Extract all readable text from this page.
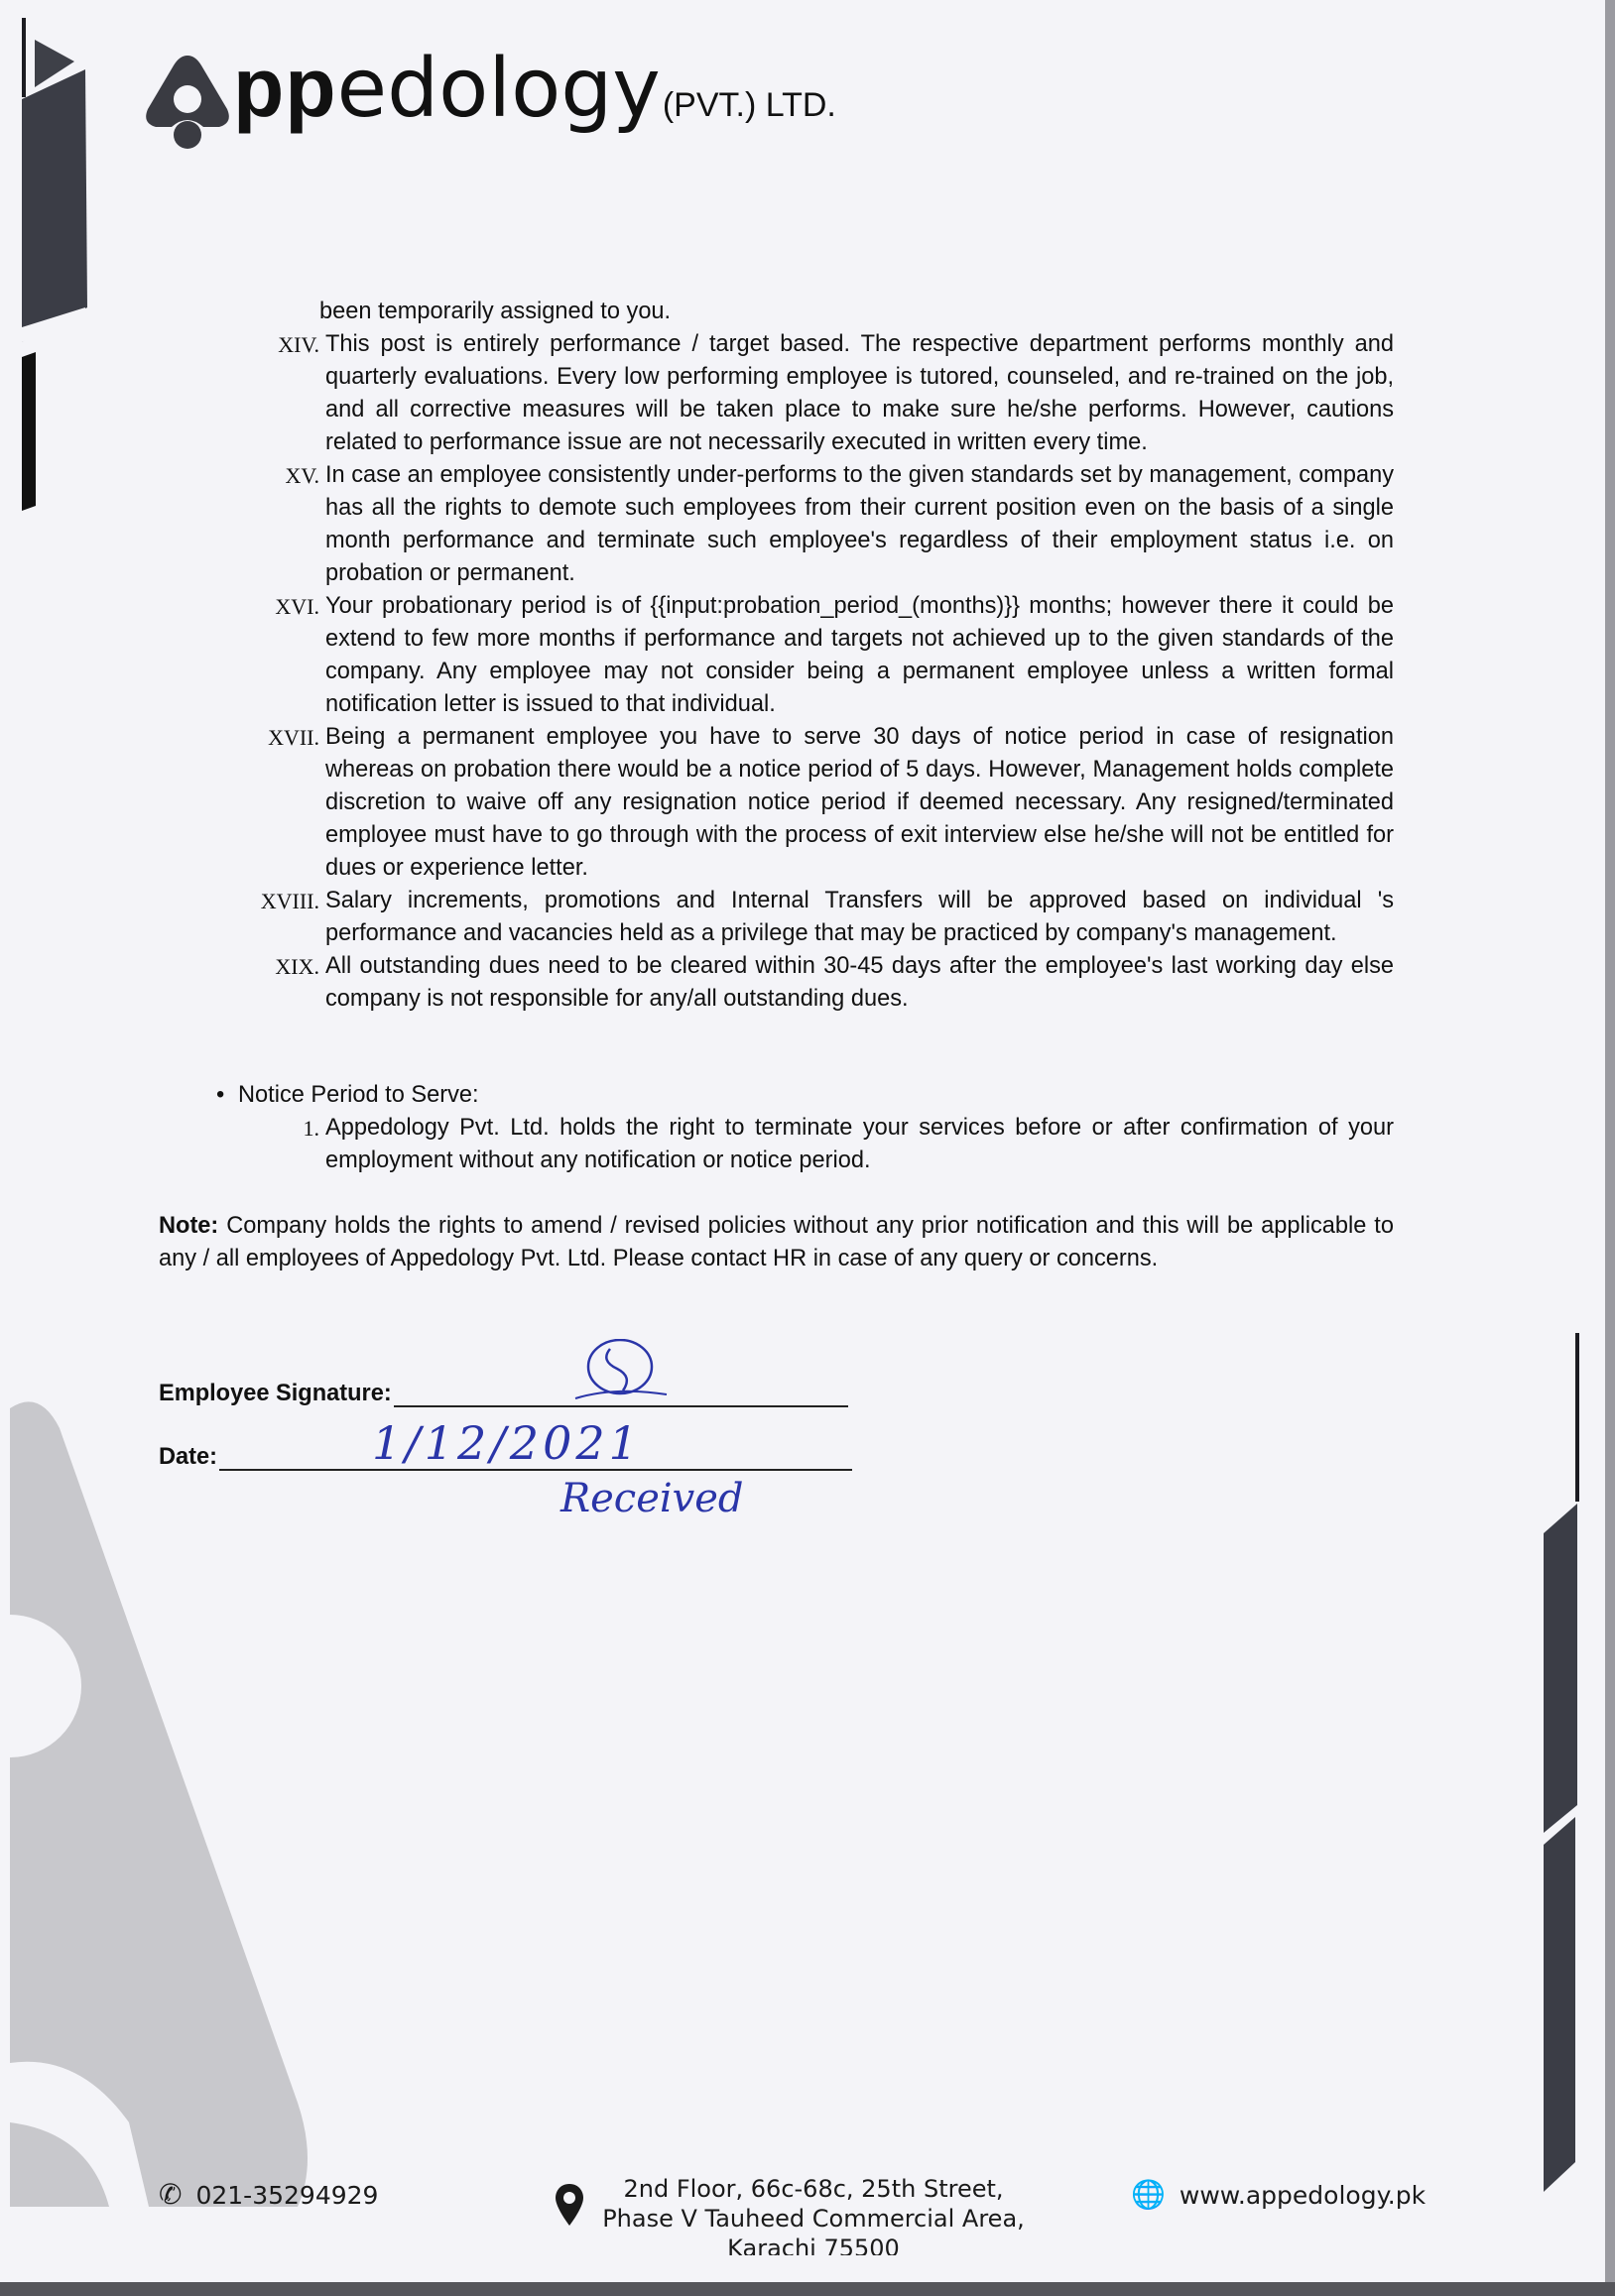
ppedology(PVT.) LTD.
been temporarily assigned to you.
XIV. This post is entirely performance / target based. The respective department performs monthly and quarterly evaluations. Every low performing employee is tutored, counseled, and re-trained on the job, and all corrective measures will be taken place to make sure he/she performs. However, cautions related to performance issue are not necessarily executed in written every time.
XV. In case an employee consistently under-performs to the given standards set by management, company has all the rights to demote such employees from their current position even on the basis of a single month performance and terminate such employee's regardless of their employment status i.e. on probation or permanent.
XVI. Your probationary period is of {{input:probation_period_(months)}} months; however there it could be extend to few more months if performance and targets not achieved up to the given standards of the company. Any employee may not consider being a permanent employee unless a written formal notification letter is issued to that individual.
XVII. Being a permanent employee you have to serve 30 days of notice period in case of resignation whereas on probation there would be a notice period of 5 days. However, Management holds complete discretion to waive off any resignation notice period if deemed necessary. Any resigned/terminated employee must have to go through with the process of exit interview else he/she will not be entitled for dues or experience letter.
XVIII. Salary increments, promotions and Internal Transfers will be approved based on individual 's performance and vacancies held as a privilege that may be practiced by company's management.
XIX. All outstanding dues need to be cleared within 30-45 days after the employee's last working day else company is not responsible for any/all outstanding dues.
• Notice Period to Serve:
1. Appedology Pvt. Ltd. holds the right to terminate your services before or after confirmation of your employment without any notification or notice period.
Note: Company holds the rights to amend / revised policies without any prior notification and this will be applicable to any / all employees of Appedology Pvt. Ltd. Please contact HR in case of any query or concerns.
Employee Signature:
Date:	1/12/2021
Received
✆ 021-35294929	2nd Floor, 66c-68c, 25th Street,
Phase V Tauheed Commercial Area,
Karachi 75500
🌐 www.appedology.pk
